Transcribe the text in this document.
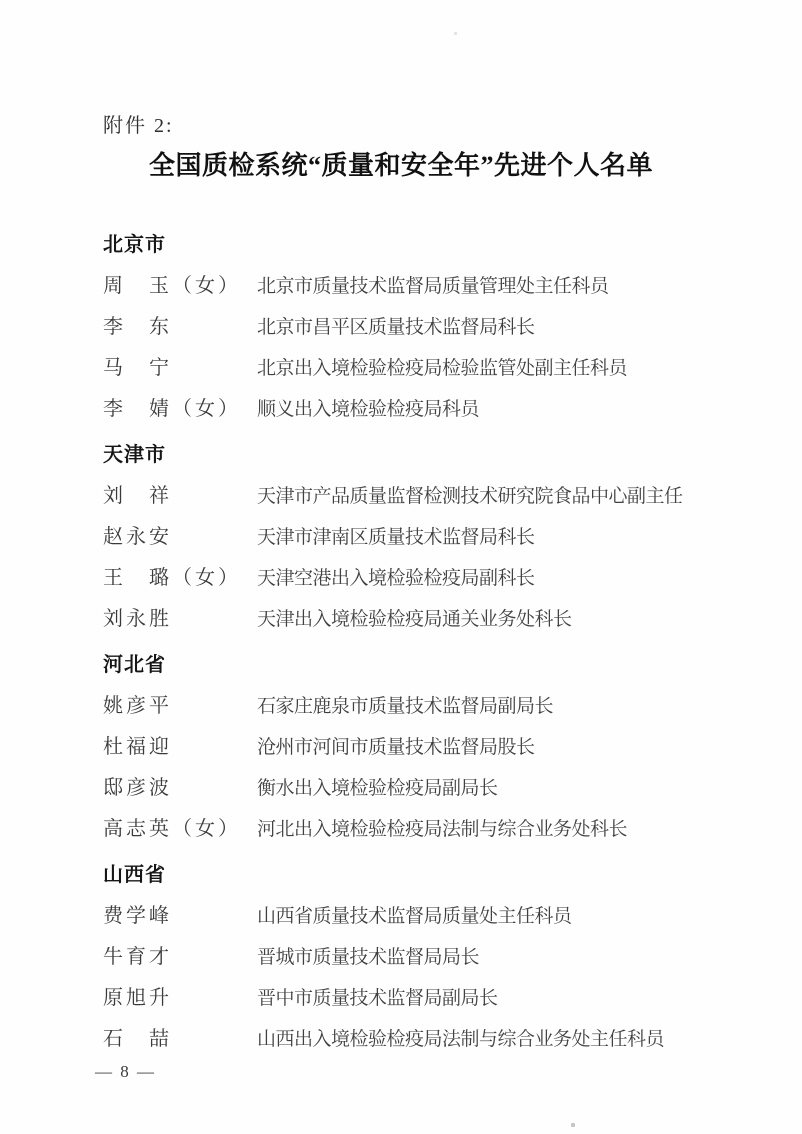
附件 2:
全国质检系统“质量和安全年”先进个人名单
北京市
周　玉（女） 北京市质量技术监督局质量管理处主任科员
李　东	北京市昌平区质量技术监督局科长
马　宁	北京出入境检验检疫局检验监管处副主任科员
李　婧（女） 顺义出入境检验检疫局科员
天津市
刘　祥	天津市产品质量监督检测技术研究院食品中心副主任
赵永安	天津市津南区质量技术监督局科长
王　璐（女） 天津空港出入境检验检疫局副科长
刘永胜	天津出入境检验检疫局通关业务处科长
河北省
姚彦平	石家庄鹿泉市质量技术监督局副局长
杜福迎	沧州市河间市质量技术监督局股长
邸彦波	衡水出入境检验检疫局副局长
高志英（女） 河北出入境检验检疫局法制与综合业务处科长
山西省
费学峰	山西省质量技术监督局质量处主任科员
牛育才	晋城市质量技术监督局局长
原旭升	晋中市质量技术监督局副局长
石　喆	山西出入境检验检疫局法制与综合业务处主任科员
— 8 —
